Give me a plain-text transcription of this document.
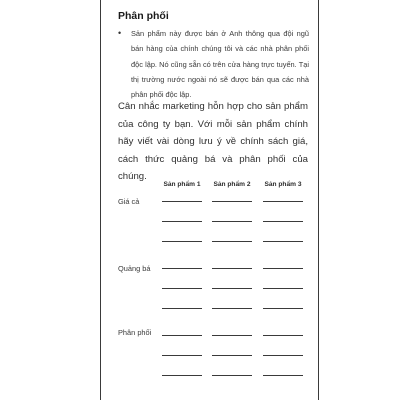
Phân phối
•	Sản phẩm này được bán ở Anh thông qua đội ngũ bán hàng của chính chúng tôi và các nhà phân phối độc lập. Nó cũng sẵn có trên cửa hàng trực tuyến. Tại thị trường nước ngoài nó sẽ được bán qua các nhà phân phối độc lập.
Cân nhắc marketing hỗn hợp cho sản phẩm của công ty bạn. Với mỗi sản phẩm chính hãy viết vài dòng lưu ý về chính sách giá, cách thức quảng bá và phân phối của chúng.
Sản phẩm 1	Sản phẩm 2	Sản phẩm 3
Giá cả
Quảng bá
Phân phối
